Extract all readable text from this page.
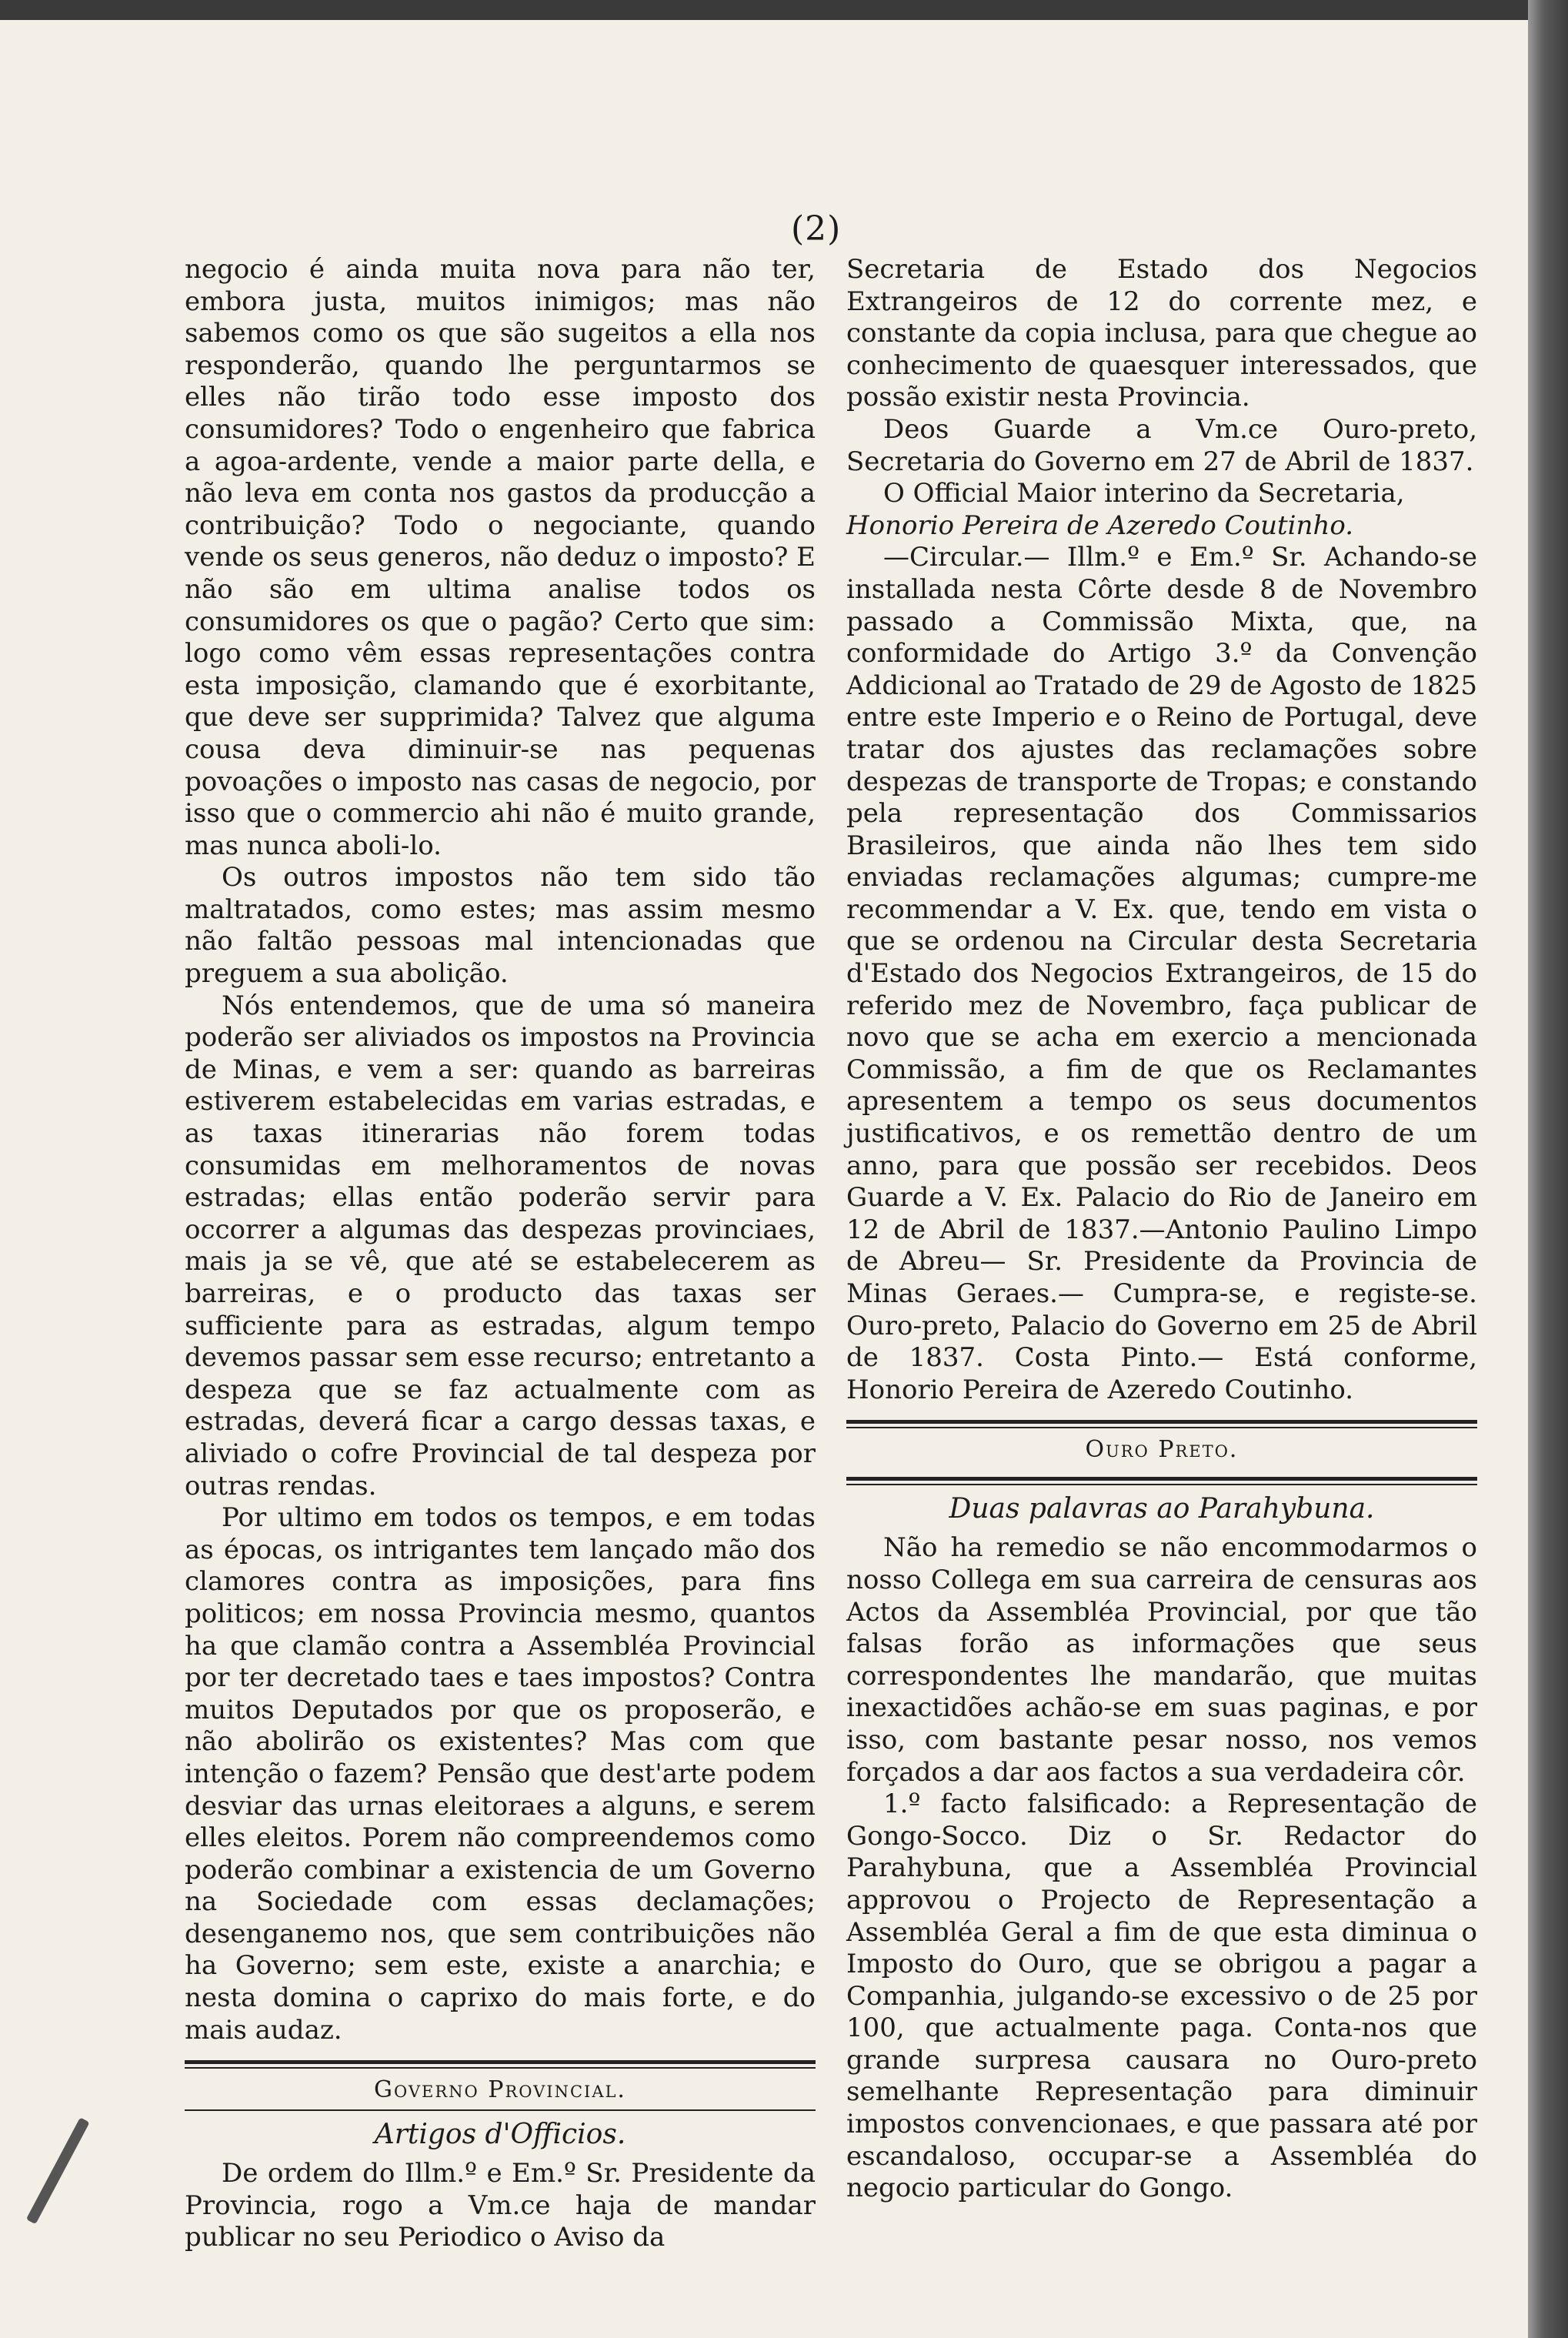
(2)

negocio é ainda muita nova para não ter, embora justa, muitos inimigos; mas não sabemos como os que são sugeitos a ella nos responderão, quando lhe perguntarmos se elles não tirão todo esse imposto dos consumidores? Todo o engenheiro que fabrica a agoa-ardente, vende a maior parte della, e não leva em conta nos gastos da producção a contribuição? Todo o negociante, quando vende os seus generos, não deduz o imposto? E não são em ultima analise todos os consumidores os que o pagão? Certo que sim: logo como vêm essas representações contra esta imposição, clamando que é exorbitante, que deve ser supprimida? Talvez que alguma cousa deva diminuir-se nas pequenas povoações o imposto nas casas de negocio, por isso que o commercio ahi não é muito grande, mas nunca aboli-lo.

Os outros impostos não tem sido tão maltratados, como estes; mas assim mesmo não faltão pessoas mal intencionadas que preguem a sua abolição.

Nós entendemos, que de uma só maneira poderão ser aliviados os impostos na Provincia de Minas, e vem a ser: quando as barreiras estiverem estabelecidas em varias estradas, e as taxas itinerarias não forem todas consumidas em melhoramentos de novas estradas; ellas então poderão servir para occorrer a algumas das despezas provinciaes, mais ja se vê, que até se estabelecerem as barreiras, e o producto das taxas ser sufficiente para as estradas, algum tempo devemos passar sem esse recurso; entretanto a despeza que se faz actualmente com as estradas, deverá ficar a cargo dessas taxas, e aliviado o cofre Provincial de tal despeza por outras rendas.

Por ultimo em todos os tempos, e em todas as épocas, os intrigantes tem lançado mão dos clamores contra as imposições, para fins politicos; em nossa Provincia mesmo, quantos ha que clamão contra a Assembléa Provincial por ter decretado taes e taes impostos? Contra muitos Deputados por que os proposerão, e não abolirão os existentes? Mas com que intenção o fazem? Pensão que dest'arte podem desviar das urnas eleitoraes a alguns, e serem elles eleitos. Porem não compreendemos como poderão combinar a existencia de um Governo na Sociedade com essas declamações; desenganemo nos, que sem contribuições não ha Governo; sem este, existe a anarchia; e nesta domina o caprixo do mais forte, e do mais audaz.

Governo Provincial.
Artigos d'Officios.

De ordem do Illm.º e Em.º Sr. Presidente da Provincia, rogo a Vm.ce haja de mandar publicar no seu Periodico o Aviso da

Secretaria de Estado dos Negocios Extrangeiros de 12 do corrente mez, e constante da copia inclusa, para que chegue ao conhecimento de quaesquer interessados, que possão existir nesta Provincia.

Deos Guarde a Vm.ce Ouro-preto, Secretaria do Governo em 27 de Abril de 1837.

O Official Maior interino da Secretaria,

Honorio Pereira de Azeredo Coutinho.

—Circular.— Illm.º e Em.º Sr. Achando-se installada nesta Côrte desde 8 de Novembro passado a Commissão Mixta, que, na conformidade do Artigo 3.º da Convenção Addicional ao Tratado de 29 de Agosto de 1825 entre este Imperio e o Reino de Portugal, deve tratar dos ajustes das reclamações sobre despezas de transporte de Tropas; e constando pela representação dos Commissarios Brasileiros, que ainda não lhes tem sido enviadas reclamações algumas; cumpre-me recommendar a V. Ex. que, tendo em vista o que se ordenou na Circular desta Secretaria d'Estado dos Negocios Extrangeiros, de 15 do referido mez de Novembro, faça publicar de novo que se acha em exercio a mencionada Commissão, a fim de que os Reclamantes apresentem a tempo os seus documentos justificativos, e os remettão dentro de um anno, para que possão ser recebidos. Deos Guarde a V. Ex. Palacio do Rio de Janeiro em 12 de Abril de 1837.—Antonio Paulino Limpo de Abreu— Sr. Presidente da Provincia de Minas Geraes.— Cumpra-se, e registe-se. Ouro-preto, Palacio do Governo em 25 de Abril de 1837. Costa Pinto.— Está conforme, Honorio Pereira de Azeredo Coutinho.

Ouro Preto.
Duas palavras ao Parahybuna.

Não ha remedio se não encommodarmos o nosso Collega em sua carreira de censuras aos Actos da Assembléa Provincial, por que tão falsas forão as informações que seus correspondentes lhe mandarão, que muitas inexactidões achão-se em suas paginas, e por isso, com bastante pesar nosso, nos vemos forçados a dar aos factos a sua verdadeira côr.

1.º facto falsificado: a Representação de Gongo-Socco. Diz o Sr. Redactor do Parahybuna, que a Assembléa Provincial approvou o Projecto de Representação a Assembléa Geral a fim de que esta diminua o Imposto do Ouro, que se obrigou a pagar a Companhia, julgando-se excessivo o de 25 por 100, que actualmente paga. Conta-nos que grande surpresa causara no Ouro-preto semelhante Representação para diminuir impostos convencionaes, e que passara até por escandaloso, occupar-se a Assembléa do negocio particular do Gongo.
